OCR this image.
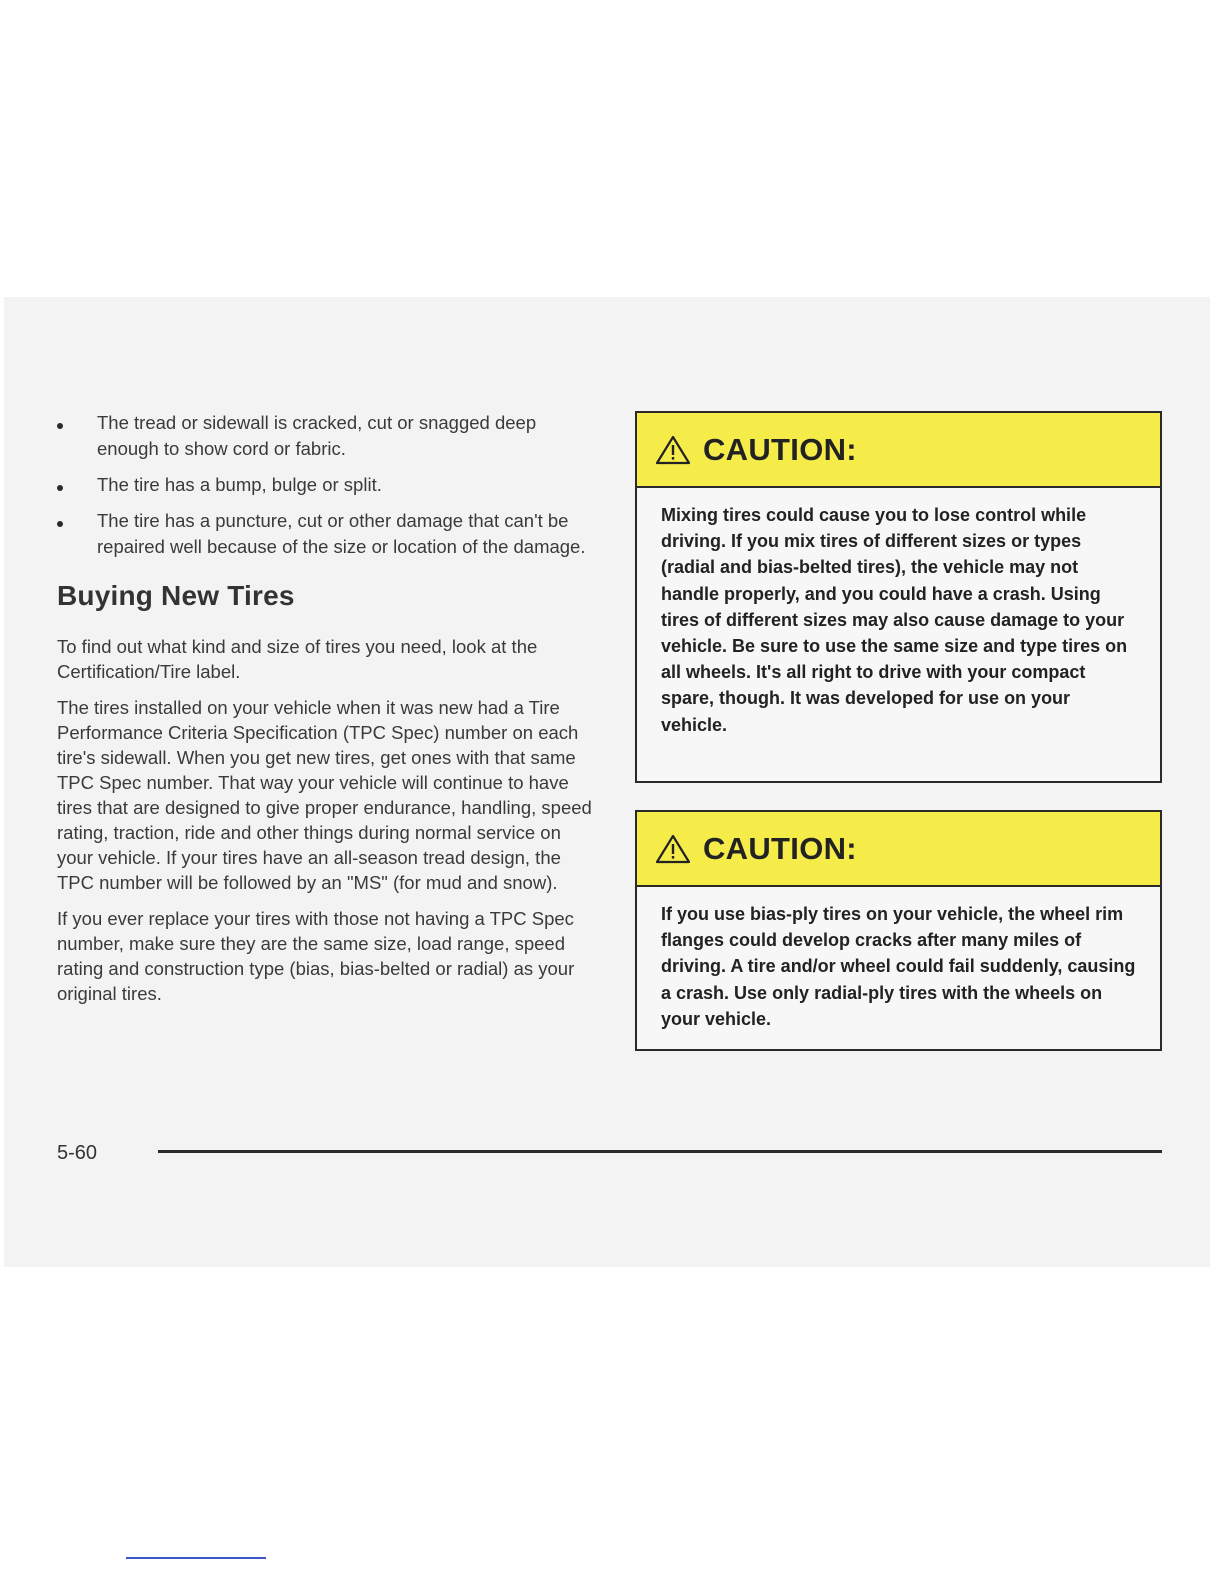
The tread or sidewall is cracked, cut or snagged deep enough to show cord or fabric.
The tire has a bump, bulge or split.
The tire has a puncture, cut or other damage that can't be repaired well because of the size or location of the damage.
Buying New Tires

To find out what kind and size of tires you need, look at the Certification/Tire label.

The tires installed on your vehicle when it was new had a Tire Performance Criteria Specification (TPC Spec) number on each tire's sidewall. When you get new tires, get ones with that same TPC Spec number. That way your vehicle will continue to have tires that are designed to give proper endurance, handling, speed rating, traction, ride and other things during normal service on your vehicle. If your tires have an all-season tread design, the TPC number will be followed by an "MS" (for mud and snow).

If you ever replace your tires with those not having a TPC Spec number, make sure they are the same size, load range, speed rating and construction type (bias, bias-belted or radial) as your original tires.

CAUTION:
Mixing tires could cause you to lose control while driving. If you mix tires of different sizes or types (radial and bias-belted tires), the vehicle may not handle properly, and you could have a crash. Using tires of different sizes may also cause damage to your vehicle. Be sure to use the same size and type tires on all wheels. It's all right to drive with your compact spare, though. It was developed for use on your vehicle.
CAUTION:
If you use bias-ply tires on your vehicle, the wheel rim flanges could develop cracks after many miles of driving. A tire and/or wheel could fail suddenly, causing a crash. Use only radial-ply tires with the wheels on your vehicle.
5-60
